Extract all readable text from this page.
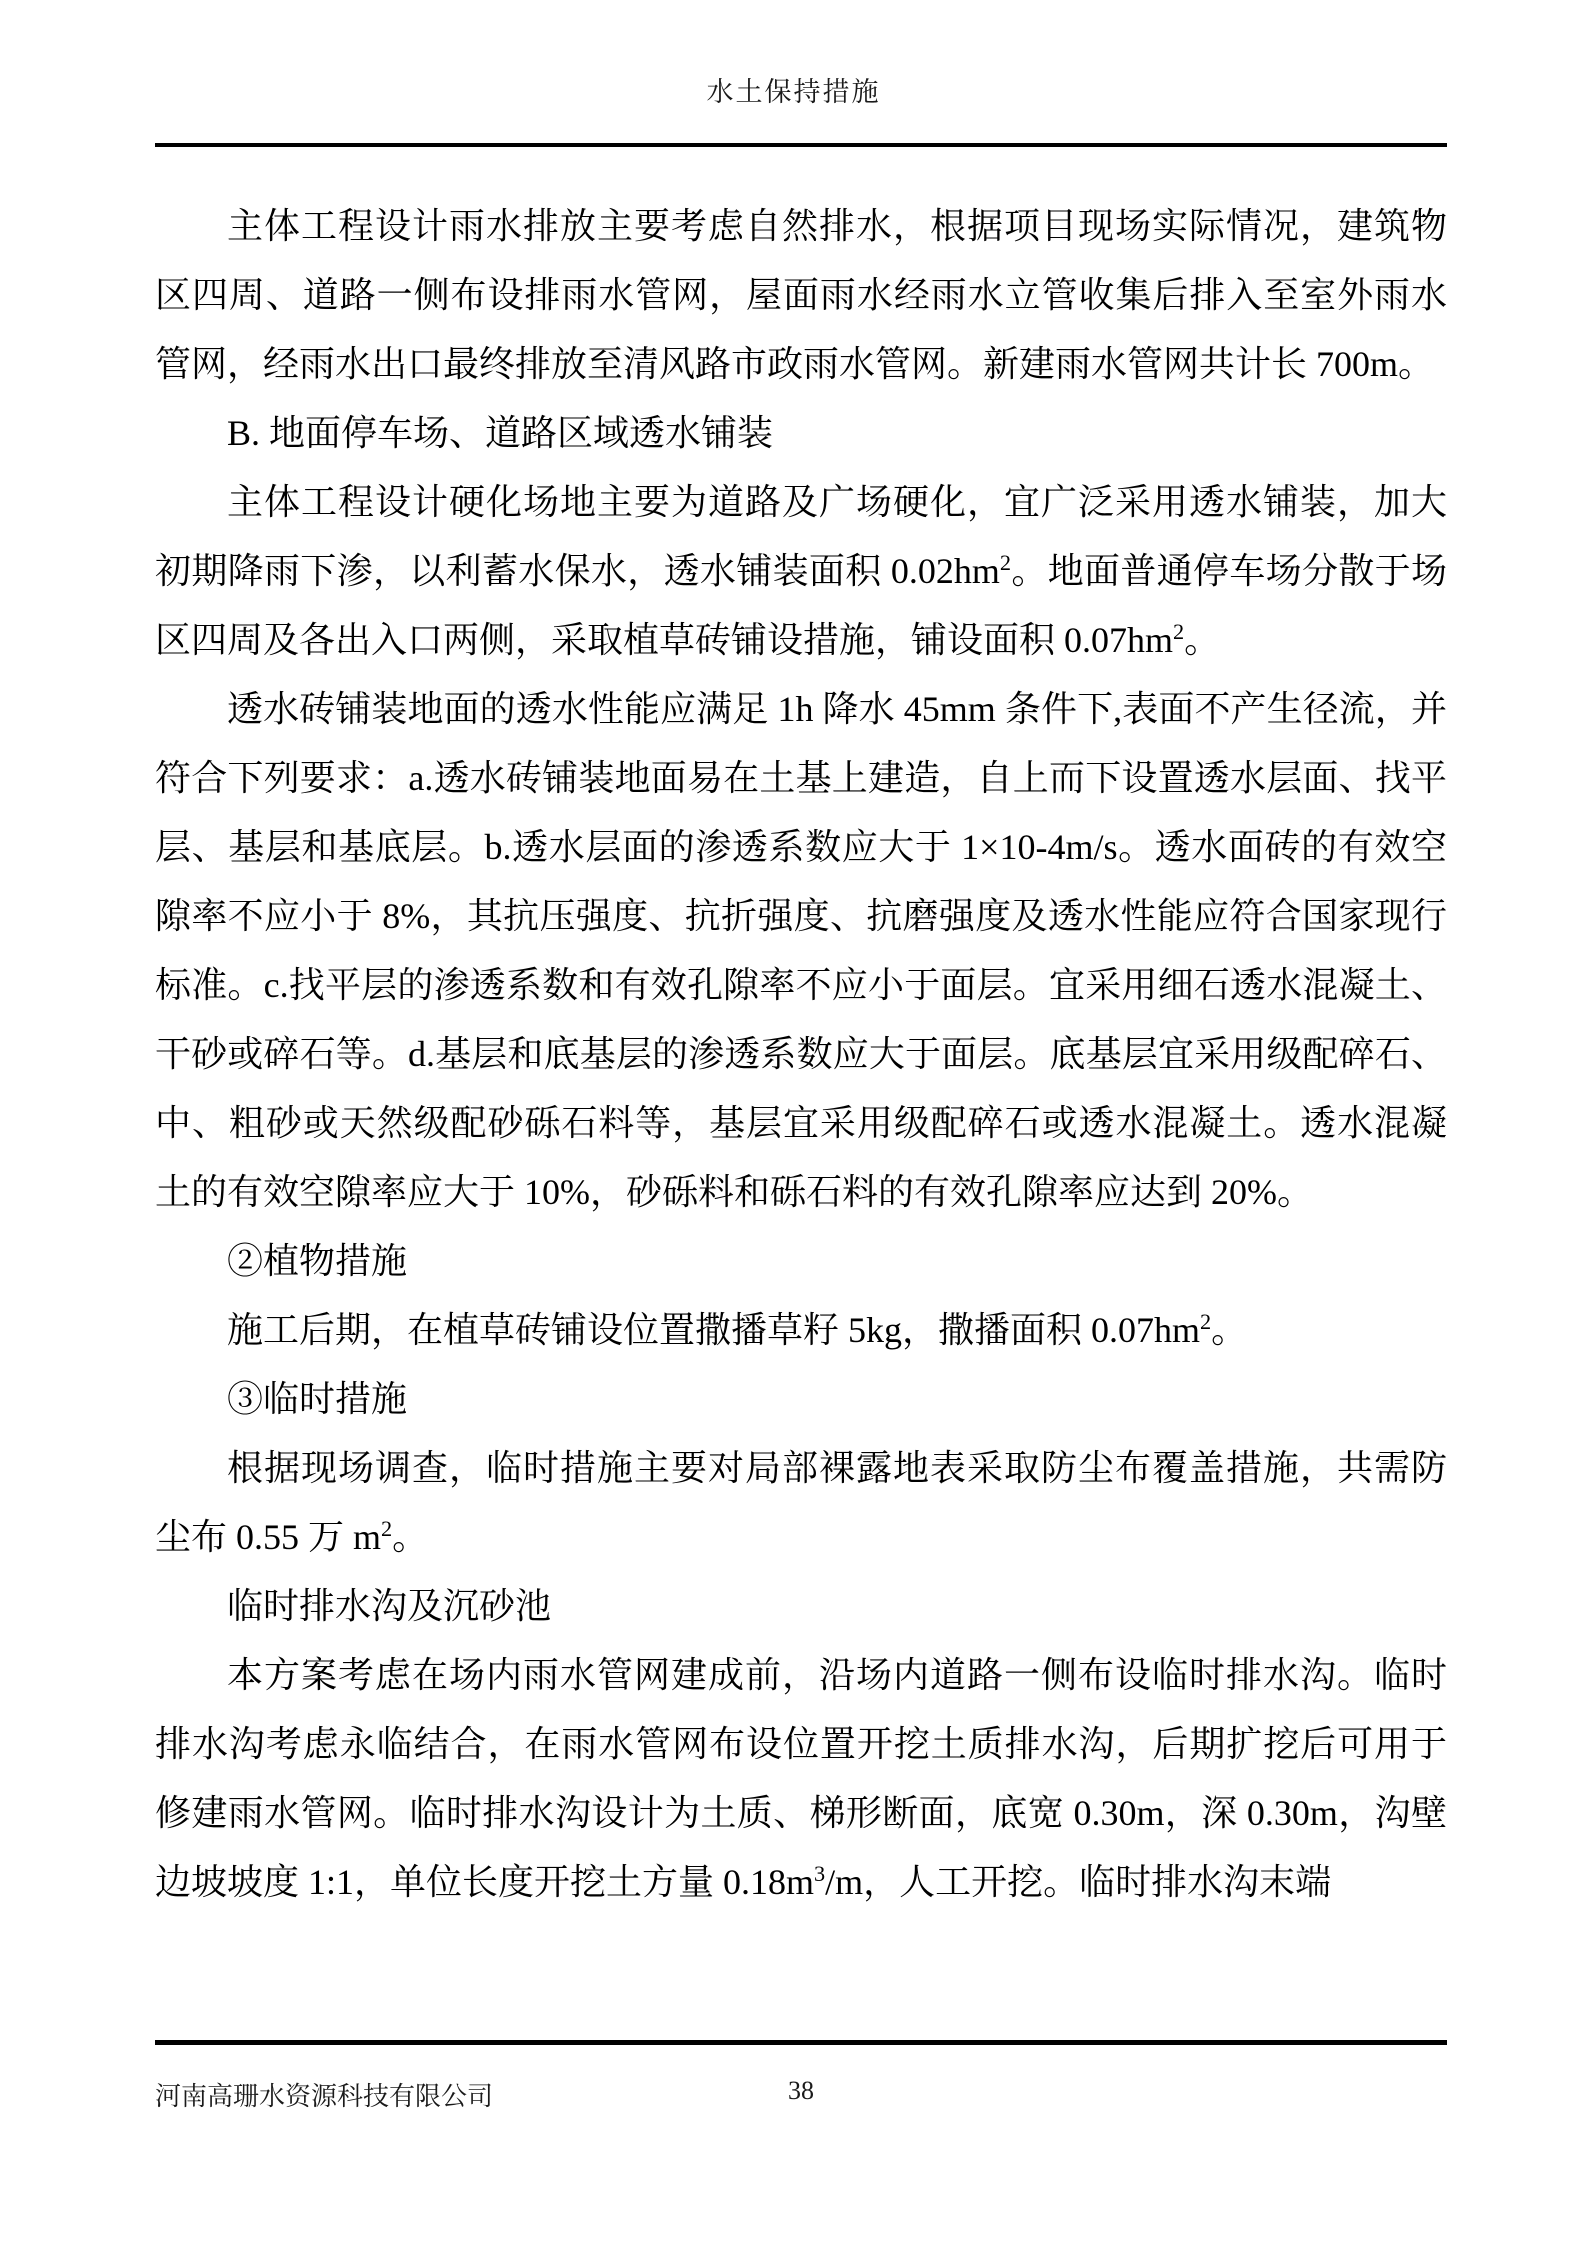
水土保持措施

主体工程设计雨水排放主要考虑自然排水，根据项目现场实际情况，建筑物区四周、道路一侧布设排雨水管网，屋面雨水经雨水立管收集后排入至室外雨水管网，经雨水出口最终排放至清风路市政雨水管网。新建雨水管网共计长 700m。

B. 地面停车场、道路区域透水铺装

主体工程设计硬化场地主要为道路及广场硬化，宜广泛采用透水铺装，加大初期降雨下渗，以利蓄水保水，透水铺装面积 $0.02hm^2$。地面普通停车场分散于场区四周及各出入口两侧，采取植草砖铺设措施，铺设面积 $0.07hm^2$。

透水砖铺装地面的透水性能应满足 1h 降水 45mm 条件下,表面不产生径流，并符合下列要求：a.透水砖铺装地面易在土基上建造，自上而下设置透水层面、找平层、基层和基底层。b.透水层面的渗透系数应大于 1×10-4m/s。透水面砖的有效空隙率不应小于 8%，其抗压强度、抗折强度、抗磨强度及透水性能应符合国家现行标准。c.找平层的渗透系数和有效孔隙率不应小于面层。宜采用细石透水混凝土、干砂或碎石等。d.基层和底基层的渗透系数应大于面层。底基层宜采用级配碎石、中、粗砂或天然级配砂砾石料等，基层宜采用级配碎石或透水混凝土。透水混凝土的有效空隙率应大于 10%，砂砾料和砾石料的有效孔隙率应达到 20%。

②植物措施

施工后期，在植草砖铺设位置撒播草籽 5kg，撒播面积 $0.07hm^2$。

③临时措施

根据现场调查，临时措施主要对局部裸露地表采取防尘布覆盖措施，共需防尘布 0.55 万 $m^2$。

临时排水沟及沉砂池

本方案考虑在场内雨水管网建成前，沿场内道路一侧布设临时排水沟。临时排水沟考虑永临结合，在雨水管网布设位置开挖土质排水沟，后期扩挖后可用于修建雨水管网。临时排水沟设计为土质、梯形断面，底宽 0.30m，深 0.30m，沟壁边坡坡度 1:1，单位长度开挖土方量 $0.18m^3/m$，人工开挖。临时排水沟末端

河南高珊水资源科技有限公司	38
